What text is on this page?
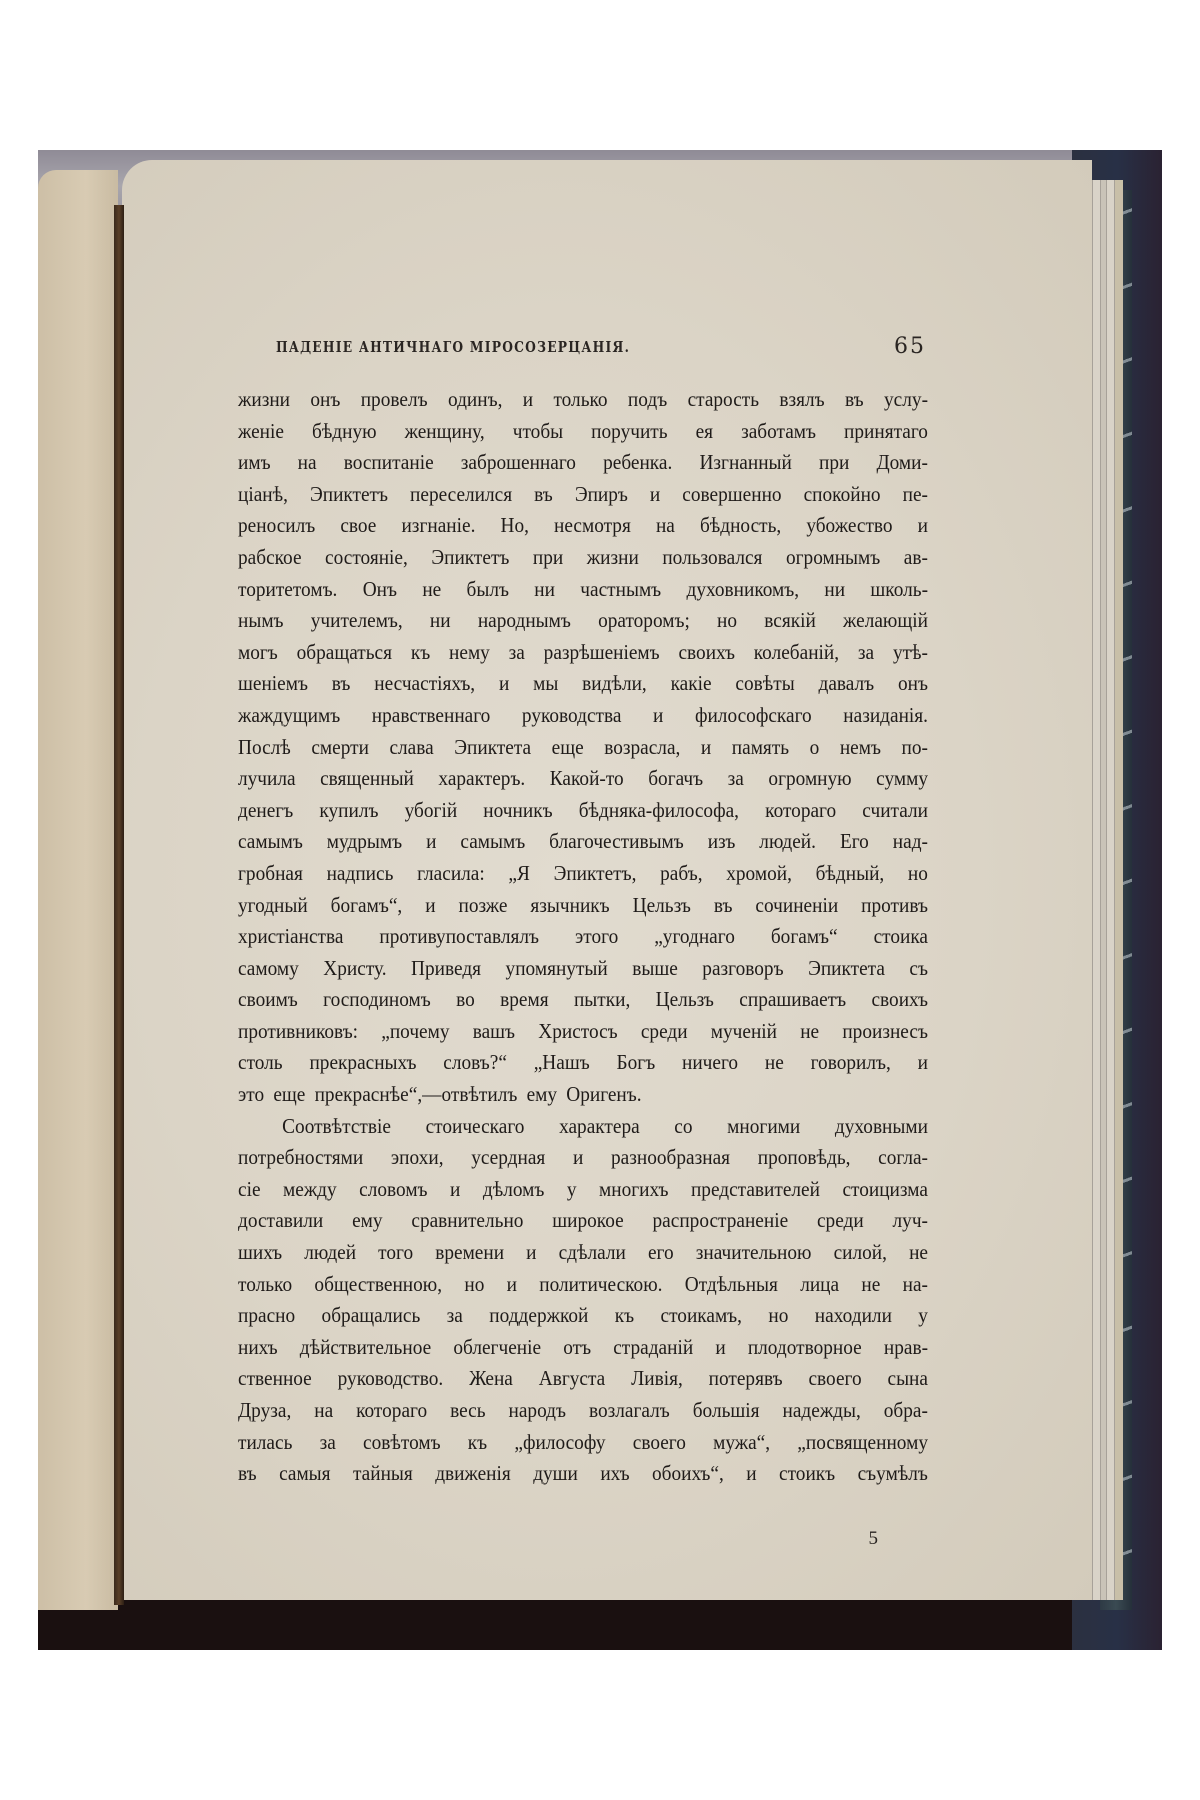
ПАДЕНІЕ АНТИЧНАГО МІРОСОЗЕРЦАНІЯ.	65
жизни онъ провелъ одинъ, и только подъ старость взялъ въ услу-
женіе бѣдную женщину, чтобы поручить ея заботамъ принятаго
имъ на воспитаніе заброшеннаго ребенка. Изгнанный при Доми-
ціанѣ, Эпиктетъ переселился въ Эпиръ и совершенно спокойно пе-
реносилъ свое изгнаніе. Но, несмотря на бѣдность, убожество и
рабское состояніе, Эпиктетъ при жизни пользовался огромнымъ ав-
торитетомъ. Онъ не былъ ни частнымъ духовникомъ, ни школь-
нымъ учителемъ, ни народнымъ ораторомъ; но всякій желающій
могъ обращаться къ нему за разрѣшеніемъ своихъ колебаній, за утѣ-
шеніемъ въ несчастіяхъ, и мы видѣли, какіе совѣты давалъ онъ
жаждущимъ нравственнаго руководства и философскаго назиданія.
Послѣ смерти слава Эпиктета еще возрасла, и память о немъ по-
лучила священный характеръ. Какой-то богачъ за огромную сумму
денегъ купилъ убогій ночникъ бѣдняка-философа, котораго считали
самымъ мудрымъ и самымъ благочестивымъ изъ людей. Его над-
гробная надпись гласила: „Я Эпиктетъ, рабъ, хромой, бѣдный, но
угодный богамъ“, и позже язычникъ Цельзъ въ сочиненіи противъ
христіанства противупоставлялъ этого „угоднаго богамъ“ стоика
самому Христу. Приведя упомянутый выше разговоръ Эпиктета съ
своимъ господиномъ во время пытки, Цельзъ спрашиваетъ своихъ
противниковъ: „почему вашъ Христосъ среди мученій не произнесъ
столь прекрасныхъ словъ?“ „Нашъ Богъ ничего не говорилъ, и
это еще прекраснѣе“,—отвѣтилъ ему Оригенъ.
Соотвѣтствіе стоическаго характера со многими духовными
потребностями эпохи, усердная и разнообразная проповѣдь, согла-
сіе между словомъ и дѣломъ у многихъ представителей стоицизма
доставили ему сравнительно широкое распространеніе среди луч-
шихъ людей того времени и сдѣлали его значительною силой, не
только общественною, но и политическою. Отдѣльныя лица не на-
прасно обращались за поддержкой къ стоикамъ, но находили у
нихъ дѣйствительное облегченіе отъ страданій и плодотворное нрав-
ственное руководство. Жена Августа Ливія, потерявъ своего сына
Друза, на котораго весь народъ возлагалъ большія надежды, обра-
тилась за совѣтомъ къ „философу своего мужа“, „посвященному
въ самыя тайныя движенія души ихъ обоихъ“, и стоикъ съумѣлъ
5
